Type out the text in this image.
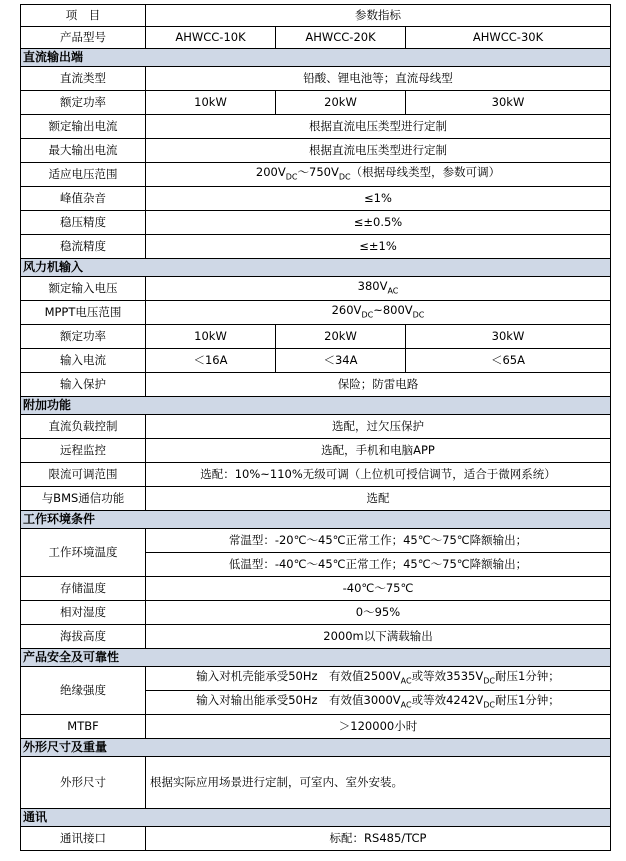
项　目	参数指标		
产品型号	AHWCC-10K	AHWCC-20K	AHWCC-30K
直流输出端			
直流类型	铅酸、锂电池等；直流母线型		
额定功率	10kW	20kW	30kW
额定输出电流	根据直流电压类型进行定制		
最大输出电流	根据直流电压类型进行定制		
适应电压范围	$200V_{DC}\sim 750V_{DC}$（根据母线类型，参数可调）		
峰值杂音	≤1%		
稳压精度	≤±0.5%		
稳流精度	≤±1%		
风力机输入			
额定输入电压	$380V_{AC}$
MPPT电压范围	$260V_{DC}\sim 800V_{DC}$
额定功率	10kW	20kW	30kW
输入电流	＜16A	＜34A	＜65A
输入保护	保险；防雷电路		
附加功能			
直流负载控制	选配，过欠压保护		
远程监控	选配，手机和电脑APP		
限流可调范围	选配：10%~110%无级可调（上位机可授信调节，适合于微网系统）		
与BMS通信功能	选配		
工作环境条件			
工作环境温度	常温型：-20℃～45℃正常工作；45℃～75℃降额输出；		
	低温型：-40℃～45℃正常工作；45℃～75℃降额输出；		
存储温度	-40℃～75℃		
相对湿度	0～95%		
海拔高度	2000m以下满载输出		
产品安全及可靠性			
绝缘强度	输入对机壳能承受50Hz　有效值$2500V_{AC}$或等效$3535V_{DC}$耐压1分钟；		
	输入对输出能承受50Hz　有效值$3000V_{AC}$或等效$4242V_{DC}$耐压1分钟；		
MTBF	＞120000小时		
外形尺寸及重量			
外形尺寸	根据实际应用场景进行定制，可室内、室外安装。		
通讯			
通讯接口	标配：RS485/TCP		
